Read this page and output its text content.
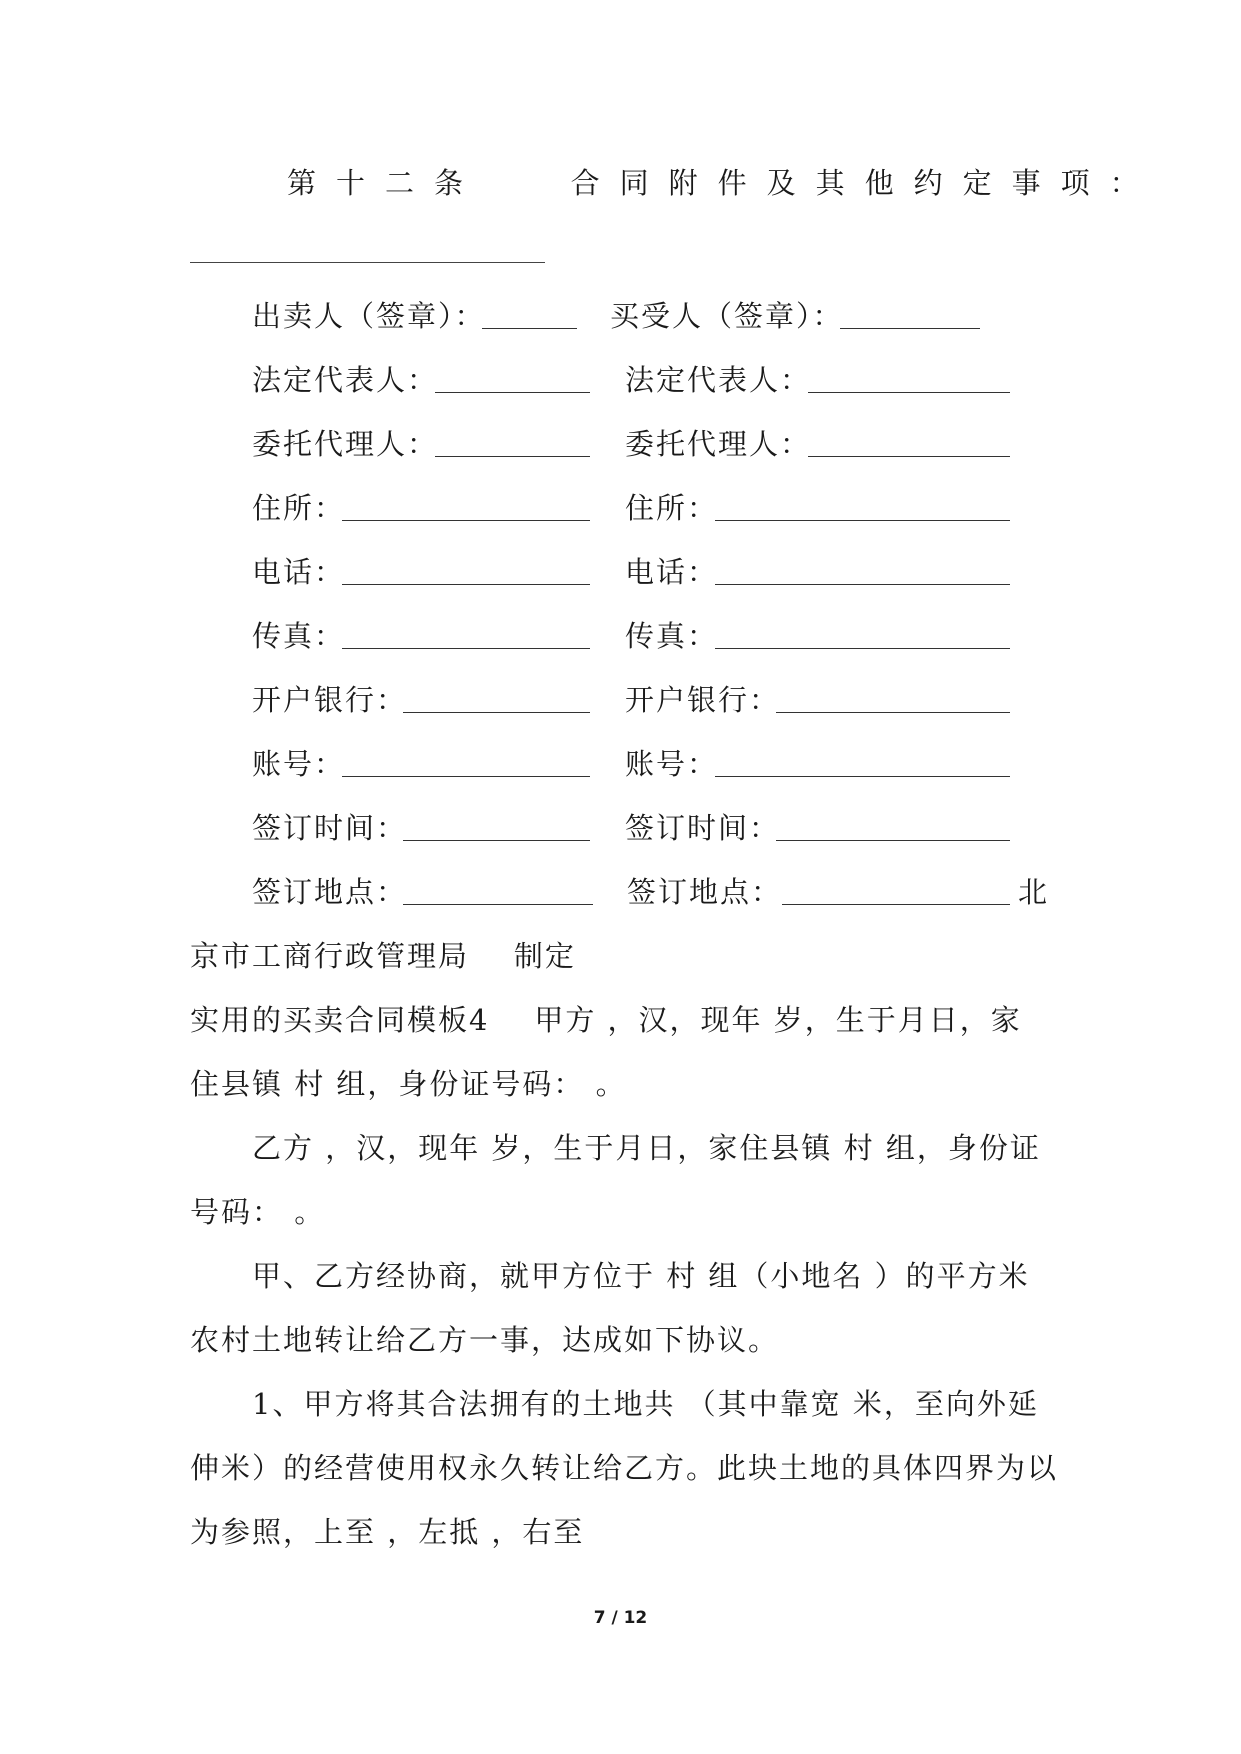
第十二条   合同附件及其他约定事项：
出卖人（签章）：	买受人（签章）：
法定代表人：	法定代表人：
委托代理人：	委托代理人：
住所：	住所：
电话：	电话：
传真：	传真：
开户银行：	开户银行：
账号：	账号：
签订时间：	签订时间：
签订地点：	签订地点：	北
京市工商行政管理局    制定
实用的买卖合同模板4    甲方 ，汉，现年 岁，生于月日，家
住县镇 村 组，身份证号码： 。
乙方 ，汉，现年 岁，生于月日，家住县镇 村 组，身份证
号码： 。
甲、乙方经协商，就甲方位于 村 组（小地名 ）的平方米
农村土地转让给乙方一事，达成如下协议。
1、甲方将其合法拥有的土地共 （其中靠宽 米，至向外延
伸米）的经营使用权永久转让给乙方。此块土地的具体四界为以
为参照，上至 ，左抵 ，右至
7 / 12
